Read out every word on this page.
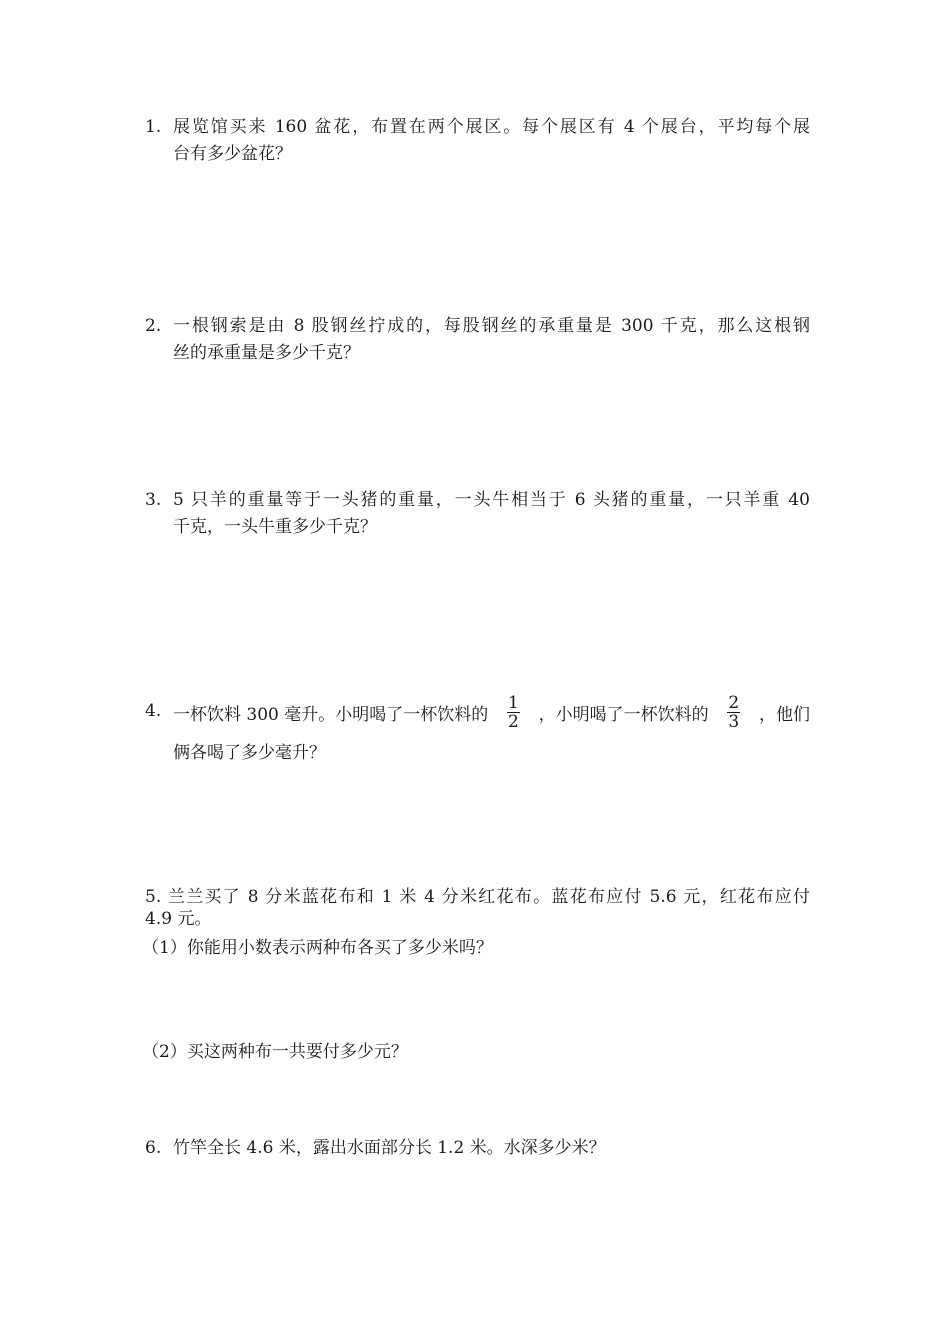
1. 展览馆买来 160 盆花，布置在两个展区。每个展区有 4 个展台，平均每个展
台有多少盆花？
2. 一根钢索是由 8 股钢丝拧成的，每股钢丝的承重量是 300 千克，那么这根钢
丝的承重量是多少千克？
3. 5 只羊的重量等于一头猪的重量，一头牛相当于 6 头猪的重量，一只羊重 40
千克，一头牛重多少千克？
4. 一杯饮料 300 毫升。小明喝了一杯饮料的 $\frac{1}{2}$ ，小明喝了一杯饮料的 $\frac{2}{3}$ ，他们
俩各喝了多少毫升？
5. 兰兰买了 8 分米蓝花布和 1 米 4 分米红花布。蓝花布应付 5.6 元，红花布应付
4.9 元。
（1）你能用小数表示两种布各买了多少米吗？
（2）买这两种布一共要付多少元？
6. 竹竿全长 4.6 米，露出水面部分长 1.2 米。水深多少米？
